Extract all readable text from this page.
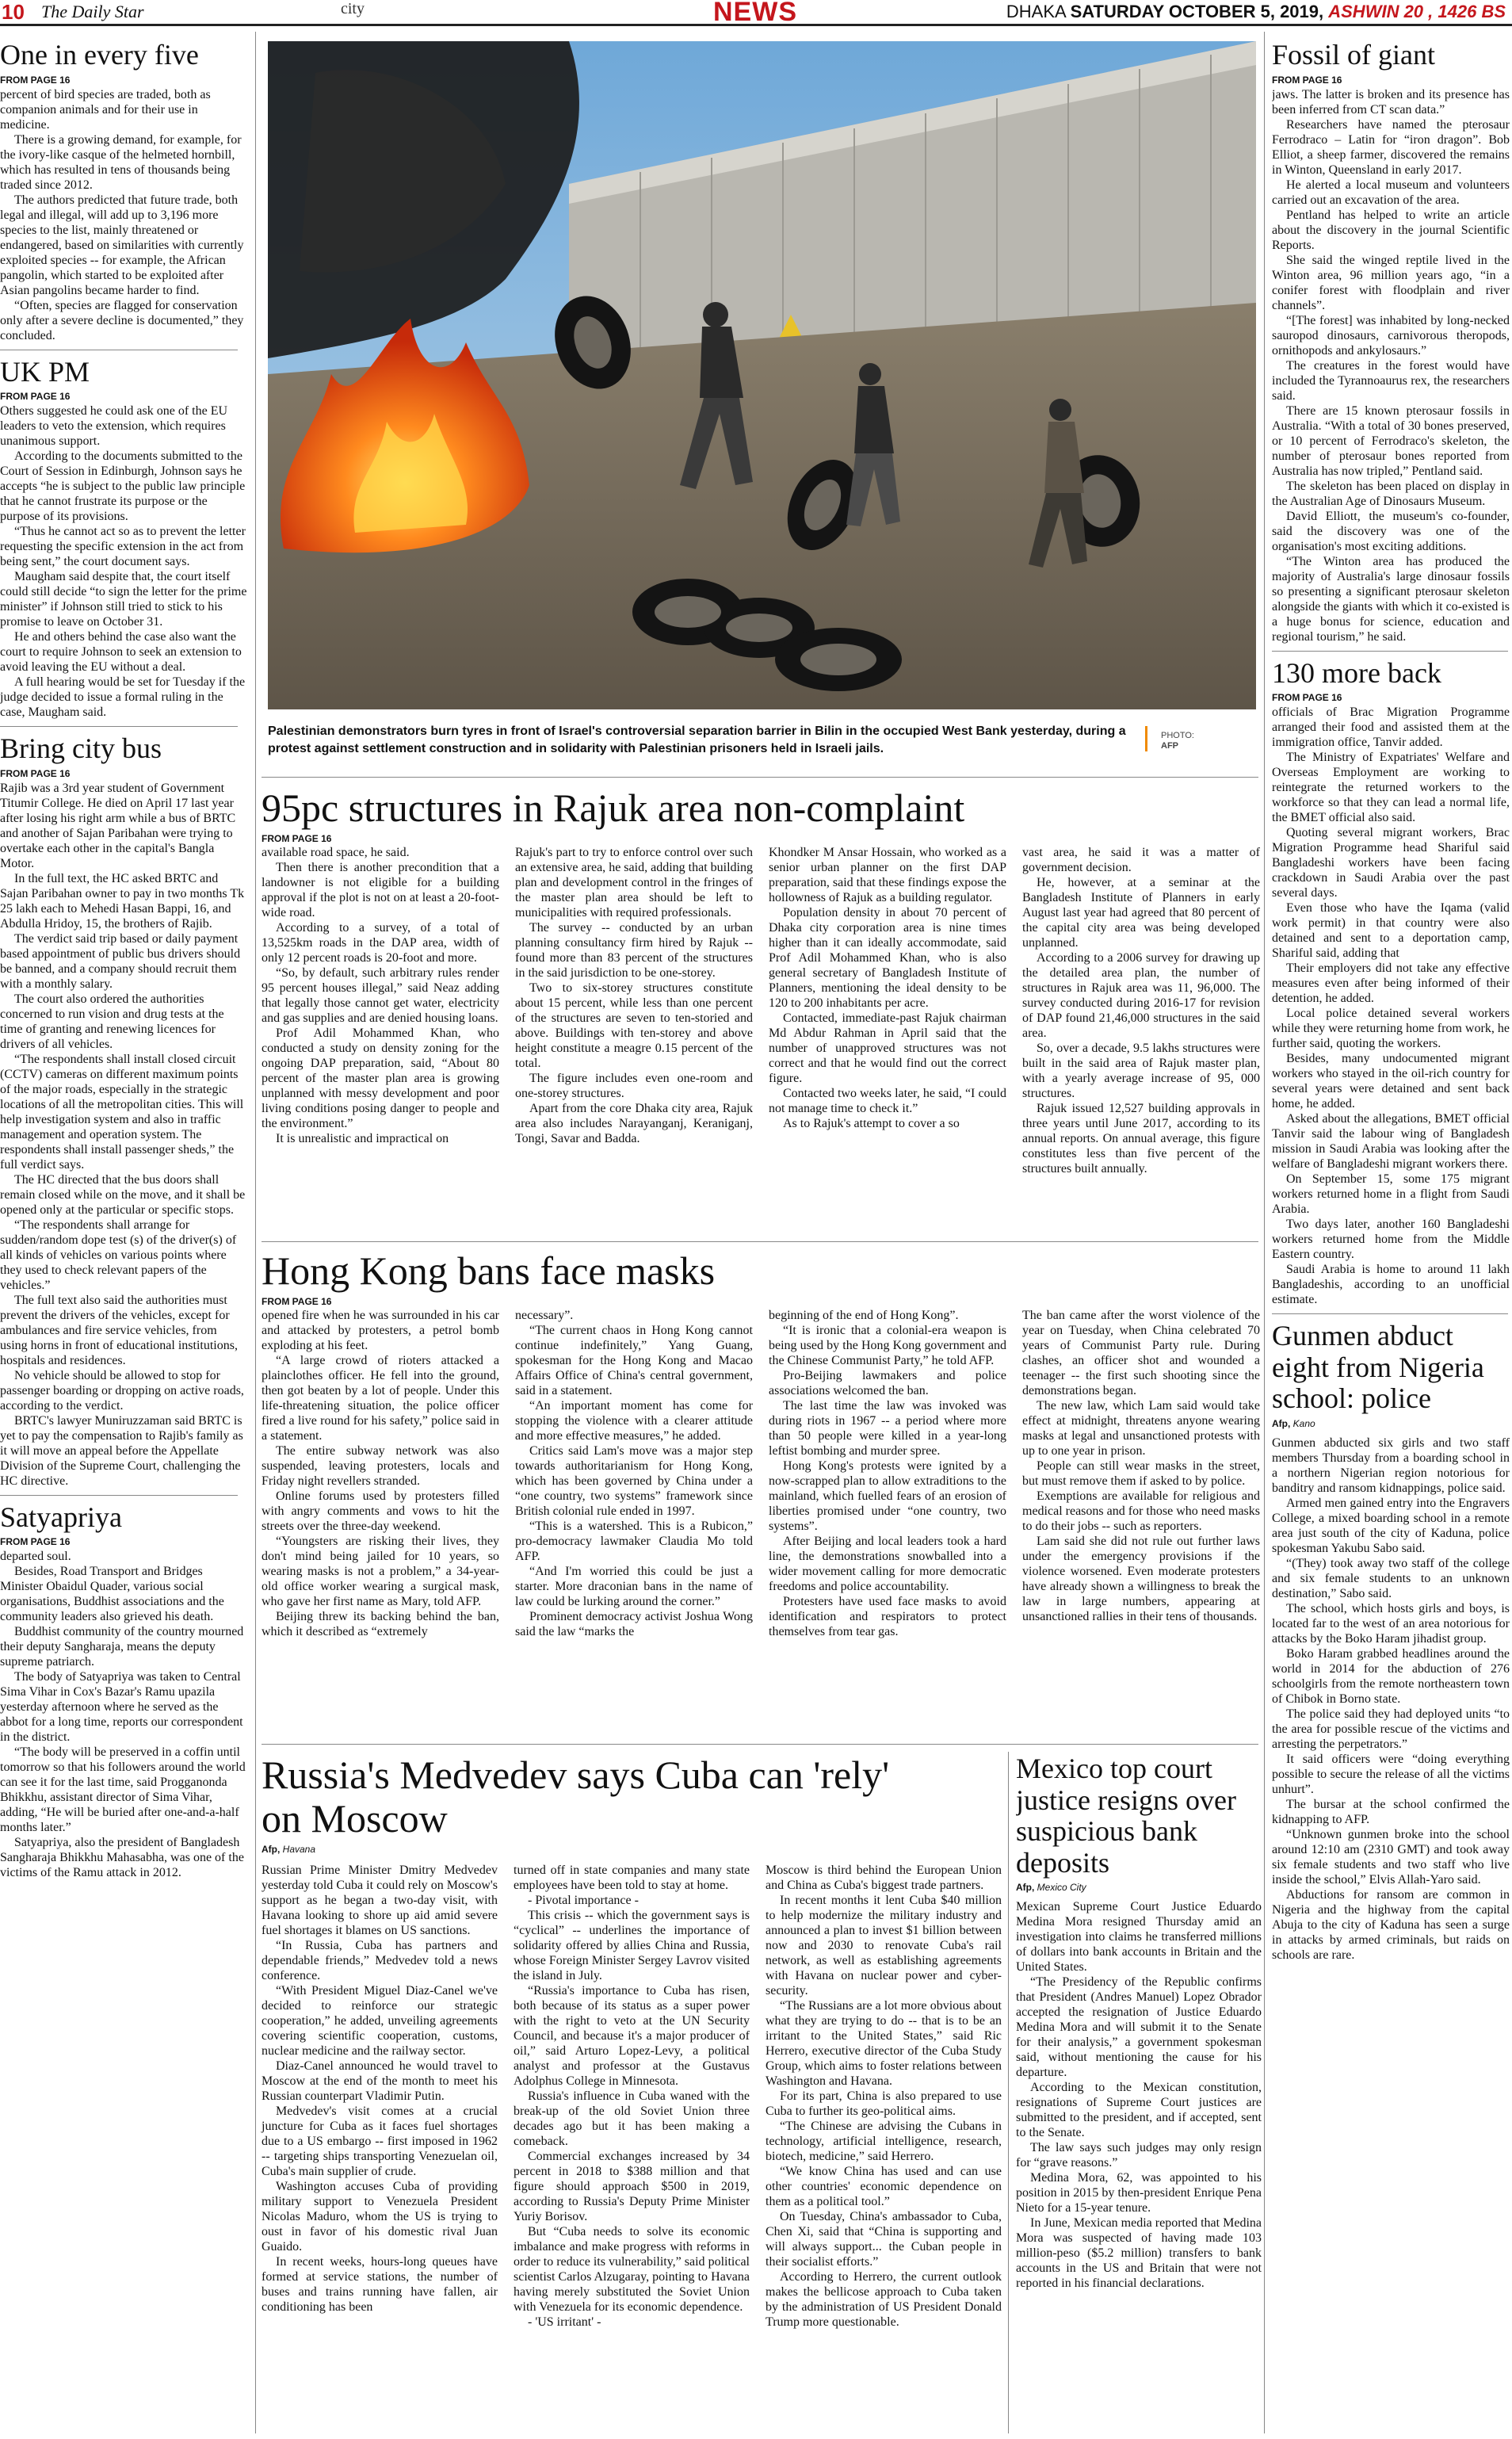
10 The Daily Star	city	NEWS	DHAKA SATURDAY OCTOBER 5, 2019, ASHWIN 20 , 1426 BS
One in every five
FROM PAGE 16

percent of bird species are traded, both as companion animals and for their use in medicine.

There is a growing demand, for example, for the ivory-like casque of the helmeted hornbill, which has resulted in tens of thousands being traded since 2012.

The authors predicted that future trade, both legal and illegal, will add up to 3,196 more species to the list, mainly threatened or endangered, based on similarities with currently exploited species -- for example, the African pangolin, which started to be exploited after Asian pangolins became harder to find.

“Often, species are flagged for conservation only after a severe decline is documented,” they concluded.

UK PM
FROM PAGE 16

Others suggested he could ask one of the EU leaders to veto the extension, which requires unanimous support.

According to the documents submitted to the Court of Session in Edinburgh, Johnson says he accepts “he is subject to the public law principle that he cannot frustrate its purpose or the purpose of its provisions.

“Thus he cannot act so as to prevent the letter requesting the specific extension in the act from being sent,” the court document says.

Maugham said despite that, the court itself could still decide “to sign the letter for the prime minister” if Johnson still tried to stick to his promise to leave on October 31.

He and others behind the case also want the court to require Johnson to seek an extension to avoid leaving the EU without a deal.

A full hearing would be set for Tuesday if the judge decided to issue a formal ruling in the case, Maugham said.

Bring city bus
FROM PAGE 16

Rajib was a 3rd year student of Government Titumir College. He died on April 17 last year after losing his right arm while a bus of BRTC and another of Sajan Paribahan were trying to overtake each other in the capital's Bangla Motor.

In the full text, the HC asked BRTC and Sajan Paribahan owner to pay in two months Tk 25 lakh each to Mehedi Hasan Bappi, 16, and Abdulla Hridoy, 15, the brothers of Rajib.

The verdict said trip based or daily payment based appointment of public bus drivers should be banned, and a company should recruit them with a monthly salary.

The court also ordered the authorities concerned to run vision and drug tests at the time of granting and renewing licences for drivers of all vehicles.

“The respondents shall install closed circuit (CCTV) cameras on different maximum points of the major roads, especially in the strategic locations of all the metropolitan cities. This will help investigation system and also in traffic management and operation system. The respondents shall install passenger sheds,” the full verdict says.

The HC directed that the bus doors shall remain closed while on the move, and it shall be opened only at the particular or specific stops.

“The respondents shall arrange for sudden/random dope test (s) of the driver(s) of all kinds of vehicles on various points where they used to check relevant papers of the vehicles.”

The full text also said the authorities must prevent the drivers of the vehicles, except for ambulances and fire service vehicles, from using horns in front of educational institutions, hospitals and residences.

No vehicle should be allowed to stop for passenger boarding or dropping on active roads, according to the verdict.

BRTC's lawyer Muniruzzaman said BRTC is yet to pay the compensation to Rajib's family as it will move an appeal before the Appellate Division of the Supreme Court, challenging the HC directive.

Satyapriya
FROM PAGE 16

departed soul.

Besides, Road Transport and Bridges Minister Obaidul Quader, various social organisations, Buddhist associations and the community leaders also grieved his death.

Buddhist community of the country mourned their deputy Sangharaja, means the deputy supreme patriarch.

The body of Satyapriya was taken to Central Sima Vihar in Cox's Bazar's Ramu upazila yesterday afternoon where he served as the abbot for a long time, reports our correspondent in the district.

“The body will be preserved in a coffin until tomorrow so that his followers around the world can see it for the last time, said Progganonda Bhikkhu, assistant director of Sima Vihar, adding, “He will be buried after one-and-a-half months later.”

Satyapriya, also the president of Bangladesh Sangharaja Bhikkhu Mahasabha, was one of the victims of the Ramu attack in 2012.

Palestinian demonstrators burn tyres in front of Israel's controversial separation barrier in Bilin in the occupied West Bank yesterday, during a protest against settlement construction and in solidarity with Palestinian prisoners held in Israeli jails.
PHOTO:
AFP
95pc structures in Rajuk area non-complaint
FROM PAGE 16

available road space, he said.

Then there is another precondition that a landowner is not eligible for a building approval if the plot is not on at least a 20-foot-wide road.

According to a survey, of a total of 13,525km roads in the DAP area, width of only 12 percent roads is 20-foot and more.

“So, by default, such arbitrary rules render 95 percent houses illegal,” said Neaz adding that legally those cannot get water, electricity and gas supplies and are denied housing loans.

Prof Adil Mohammed Khan, who conducted a study on density zoning for the ongoing DAP preparation, said, “About 80 percent of the master plan area is growing unplanned with messy development and poor living conditions posing danger to people and the environment.”

It is unrealistic and impractical on

Rajuk's part to try to enforce control over such an extensive area, he said, adding that building plan and development control in the fringes of the master plan area should be left to municipalities with required professionals.

The survey -- conducted by an urban planning consultancy firm hired by Rajuk -- found more than 83 percent of the structures in the said jurisdiction to be one-storey.

Two to six-storey structures constitute about 15 percent, while less than one percent of the structures are seven to ten-storied and above. Buildings with ten-storey and above height constitute a meagre 0.15 percent of the total.

The figure includes even one-room and one-storey structures.

Apart from the core Dhaka city area, Rajuk area also includes Narayanganj, Keraniganj, Tongi, Savar and Badda.

Khondker M Ansar Hossain, who worked as a senior urban planner on the first DAP preparation, said that these findings expose the hollowness of Rajuk as a building regulator.

Population density in about 70 percent of Dhaka city corporation area is nine times higher than it can ideally accommodate, said Prof Adil Mohammed Khan, who is also general secretary of Bangladesh Institute of Planners, mentioning the ideal density to be 120 to 200 inhabitants per acre.

Contacted, immediate-past Rajuk chairman Md Abdur Rahman in April said that the number of unapproved structures was not correct and that he would find out the correct figure.

Contacted two weeks later, he said, “I could not manage time to check it.”

As to Rajuk's attempt to cover a so

vast area, he said it was a matter of government decision.

He, however, at a seminar at the Bangladesh Institute of Planners in early August last year had agreed that 80 percent of the capital city area was being developed unplanned.

According to a 2006 survey for drawing up the detailed area plan, the number of structures in Rajuk area was 11, 96,000. The survey conducted during 2016-17 for revision of DAP found 21,46,000 structures in the said area.

So, over a decade, 9.5 lakhs structures were built in the said area of Rajuk master plan, with a yearly average increase of 95, 000 structures.

Rajuk issued 12,527 building approvals in three years until June 2017, according to its annual reports. On annual average, this figure constitutes less than five percent of the structures built annually.

Hong Kong bans face masks
FROM PAGE 16

opened fire when he was surrounded in his car and attacked by protesters, a petrol bomb exploding at his feet.

“A large crowd of rioters attacked a plainclothes officer. He fell into the ground, then got beaten by a lot of people. Under this life-threatening situation, the police officer fired a live round for his safety,” police said in a statement.

The entire subway network was also suspended, leaving protesters, locals and Friday night revellers stranded.

Online forums used by protesters filled with angry comments and vows to hit the streets over the three-day weekend.

“Youngsters are risking their lives, they don't mind being jailed for 10 years, so wearing masks is not a problem,” a 34-year-old office worker wearing a surgical mask, who gave her first name as Mary, told AFP.

Beijing threw its backing behind the ban, which it described as “extremely

necessary”.

“The current chaos in Hong Kong cannot continue indefinitely,” Yang Guang, spokesman for the Hong Kong and Macao Affairs Office of China's central government, said in a statement.

“An important moment has come for stopping the violence with a clearer attitude and more effective measures,” he added.

Critics said Lam's move was a major step towards authoritarianism for Hong Kong, which has been governed by China under a “one country, two systems” framework since British colonial rule ended in 1997.

“This is a watershed. This is a Rubicon,” pro-democracy lawmaker Claudia Mo told AFP.

“And I'm worried this could be just a starter. More draconian bans in the name of law could be lurking around the corner.”

Prominent democracy activist Joshua Wong said the law “marks the

beginning of the end of Hong Kong”.

“It is ironic that a colonial-era weapon is being used by the Hong Kong government and the Chinese Communist Party,” he told AFP.

Pro-Beijing lawmakers and police associations welcomed the ban.

The last time the law was invoked was during riots in 1967 -- a period where more than 50 people were killed in a year-long leftist bombing and murder spree.

Hong Kong's protests were ignited by a now-scrapped plan to allow extraditions to the mainland, which fuelled fears of an erosion of liberties promised under “one country, two systems”.

After Beijing and local leaders took a hard line, the demonstrations snowballed into a wider movement calling for more democratic freedoms and police accountability.

Protesters have used face masks to avoid identification and respirators to protect themselves from tear gas.

The ban came after the worst violence of the year on Tuesday, when China celebrated 70 years of Communist Party rule. During clashes, an officer shot and wounded a teenager -- the first such shooting since the demonstrations began.

The new law, which Lam said would take effect at midnight, threatens anyone wearing masks at legal and unsanctioned protests with up to one year in prison.

People can still wear masks in the street, but must remove them if asked to by police.

Exemptions are available for religious and medical reasons and for those who need masks to do their jobs -- such as reporters.

Lam said she did not rule out further laws under the emergency provisions if the violence worsened. Even moderate protesters have already shown a willingness to break the law in large numbers, appearing at unsanctioned rallies in their tens of thousands.

Russia's Medvedev says Cuba can 'rely' on Moscow
Afp, Havana

Russian Prime Minister Dmitry Medvedev yesterday told Cuba it could rely on Moscow's support as he began a two-day visit, with Havana looking to shore up aid amid severe fuel shortages it blames on US sanctions.

“In Russia, Cuba has partners and dependable friends,” Medvedev told a news conference.

“With President Miguel Diaz-Canel we've decided to reinforce our strategic cooperation,” he added, unveiling agreements covering scientific cooperation, customs, nuclear medicine and the railway sector.

Diaz-Canel announced he would travel to Moscow at the end of the month to meet his Russian counterpart Vladimir Putin.

Medvedev's visit comes at a crucial juncture for Cuba as it faces fuel shortages due to a US embargo -- first imposed in 1962 -- targeting ships transporting Venezuelan oil, Cuba's main supplier of crude.

Washington accuses Cuba of providing military support to Venezuela President Nicolas Maduro, whom the US is trying to oust in favor of his domestic rival Juan Guaido.

In recent weeks, hours-long queues have formed at service stations, the number of buses and trains running have fallen, air conditioning has been

turned off in state companies and many state employees have been told to stay at home.

- Pivotal importance -

This crisis -- which the government says is “cyclical” -- underlines the importance of solidarity offered by allies China and Russia, whose Foreign Minister Sergey Lavrov visited the island in July.

“Russia's importance to Cuba has risen, both because of its status as a super power with the right to veto at the UN Security Council, and because it's a major producer of oil,” said Arturo Lopez-Levy, a political analyst and professor at the Gustavus Adolphus College in Minnesota.

Russia's influence in Cuba waned with the break-up of the old Soviet Union three decades ago but it has been making a comeback.

Commercial exchanges increased by 34 percent in 2018 to $388 million and that figure should approach $500 in 2019, according to Russia's Deputy Prime Minister Yuriy Borisov.

But “Cuba needs to solve its economic imbalance and make progress with reforms in order to reduce its vulnerability,” said political scientist Carlos Alzugaray, pointing to Havana having merely substituted the Soviet Union with Venezuela for its economic dependence.

- 'US irritant' -

Moscow is third behind the European Union and China as Cuba's biggest trade partners.

In recent months it lent Cuba $40 million to help modernize the military industry and announced a plan to invest $1 billion between now and 2030 to renovate Cuba's rail network, as well as establishing agreements with Havana on nuclear power and cyber-security.

“The Russians are a lot more obvious about what they are trying to do -- that is to be an irritant to the United States,” said Ric Herrero, executive director of the Cuba Study Group, which aims to foster relations between Washington and Havana.

For its part, China is also prepared to use Cuba to further its geo-political aims.

“The Chinese are advising the Cubans in technology, artificial intelligence, research, biotech, medicine,” said Herrero.

“We know China has used and can use other countries' economic dependence on them as a political tool.”

On Tuesday, China's ambassador to Cuba, Chen Xi, said that “China is supporting and will always support... the Cuban people in their socialist efforts.”

According to Herrero, the current outlook makes the bellicose approach to Cuba taken by the administration of US President Donald Trump more questionable.

Mexico top court justice resigns over suspicious bank deposits
Afp, Mexico City

Mexican Supreme Court Justice Eduardo Medina Mora resigned Thursday amid an investigation into claims he transferred millions of dollars into bank accounts in Britain and the United States.

“The Presidency of the Republic confirms that President (Andres Manuel) Lopez Obrador accepted the resignation of Justice Eduardo Medina Mora and will submit it to the Senate for their analysis,” a government spokesman said, without mentioning the cause for his departure.

According to the Mexican constitution, resignations of Supreme Court justices are submitted to the president, and if accepted, sent to the Senate.

The law says such judges may only resign for “grave reasons.”

Medina Mora, 62, was appointed to his position in 2015 by then-president Enrique Pena Nieto for a 15-year tenure.

In June, Mexican media reported that Medina Mora was suspected of having made 103 million-peso ($5.2 million) transfers to bank accounts in the US and Britain that were not reported in his financial declarations.

Fossil of giant
FROM PAGE 16

jaws. The latter is broken and its presence has been inferred from CT scan data.”

Researchers have named the pterosaur Ferrodraco – Latin for “iron dragon”. Bob Elliot, a sheep farmer, discovered the remains in Winton, Queensland in early 2017.

He alerted a local museum and volunteers carried out an excavation of the area.

Pentland has helped to write an article about the discovery in the journal Scientific Reports.

She said the winged reptile lived in the Winton area, 96 million years ago, “in a conifer forest with floodplain and river channels”.

“[The forest] was inhabited by long-necked sauropod dinosaurs, carnivorous theropods, ornithopods and ankylosaurs.”

The creatures in the forest would have included the Tyrannoaurus rex, the researchers said.

There are 15 known pterosaur fossils in Australia. “With a total of 30 bones preserved, or 10 percent of Ferrodraco's skeleton, the number of pterosaur bones reported from Australia has now tripled,” Pentland said.

The skeleton has been placed on display in the Australian Age of Dinosaurs Museum.

David Elliott, the museum's co-founder, said the discovery was one of the organisation's most exciting additions.

“The Winton area has produced the majority of Australia's large dinosaur fossils so presenting a significant pterosaur skeleton alongside the giants with which it co-existed is a huge bonus for science, education and regional tourism,” he said.

130 more back
FROM PAGE 16

officials of Brac Migration Programme arranged their food and assisted them at the immigration office, Tanvir added.

The Ministry of Expatriates' Welfare and Overseas Employment are working to reintegrate the returned workers to the workforce so that they can lead a normal life, the BMET official also said.

Quoting several migrant workers, Brac Migration Programme head Shariful said Bangladeshi workers have been facing crackdown in Saudi Arabia over the past several days.

Even those who have the Iqama (valid work permit) in that country were also detained and sent to a deportation camp, Shariful said, adding that

Their employers did not take any effective measures even after being informed of their detention, he added.

Local police detained several workers while they were returning home from work, he further said, quoting the workers.

Besides, many undocumented migrant workers who stayed in the oil-rich country for several years were detained and sent back home, he added.

Asked about the allegations, BMET official Tanvir said the labour wing of Bangladesh mission in Saudi Arabia was looking after the welfare of Bangladeshi migrant workers there.

On September 15, some 175 migrant workers returned home in a flight from Saudi Arabia.

Two days later, another 160 Bangladeshi workers returned home from the Middle Eastern country.

Saudi Arabia is home to around 11 lakh Bangladeshis, according to an unofficial estimate.

Gunmen abduct eight from Nigeria school: police
Afp, Kano

Gunmen abducted six girls and two staff members Thursday from a boarding school in a northern Nigerian region notorious for banditry and ransom kidnappings, police said.

Armed men gained entry into the Engravers College, a mixed boarding school in a remote area just south of the city of Kaduna, police spokesman Yakubu Sabo said.

“(They) took away two staff of the college and six female students to an unknown destination,” Sabo said.

The school, which hosts girls and boys, is located far to the west of an area notorious for attacks by the Boko Haram jihadist group.

Boko Haram grabbed headlines around the world in 2014 for the abduction of 276 schoolgirls from the remote northeastern town of Chibok in Borno state.

The police said they had deployed units “to the area for possible rescue of the victims and arresting the perpetrators.”

It said officers were “doing everything possible to secure the release of all the victims unhurt”.

The bursar at the school confirmed the kidnapping to AFP.

“Unknown gunmen broke into the school around 12:10 am (2310 GMT) and took away six female students and two staff who live inside the school,” Elvis Allah-Yaro said.

Abductions for ransom are common in Nigeria and the highway from the capital Abuja to the city of Kaduna has seen a surge in attacks by armed criminals, but raids on schools are rare.
